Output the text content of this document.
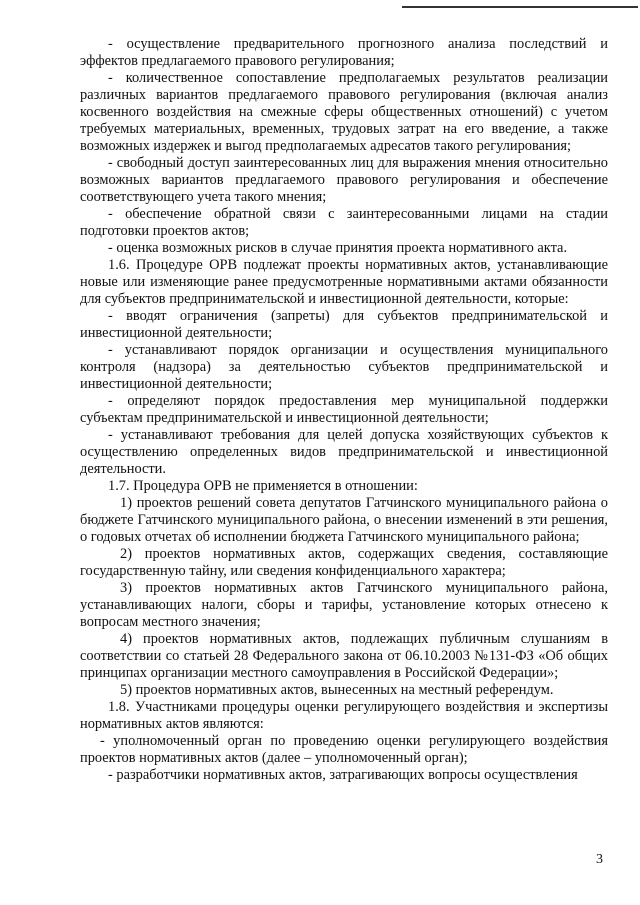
- осуществление предварительного прогнозного анализа последствий и эффектов предлагаемого правового регулирования;

- количественное сопоставление предполагаемых результатов реализации различных вариантов предлагаемого правового регулирования (включая анализ косвенного воздействия на смежные сферы общественных отношений) с учетом требуемых материальных, временных, трудовых затрат на его введение, а также возможных издержек и выгод предполагаемых адресатов такого регулирования;

- свободный доступ заинтересованных лиц для выражения мнения относительно возможных вариантов предлагаемого правового регулирования и обеспечение соответствующего учета такого мнения;

- обеспечение обратной связи с заинтересованными лицами на стадии подготовки проектов актов;

- оценка возможных рисков в случае принятия проекта нормативного акта.

1.6. Процедуре ОРВ подлежат проекты нормативных актов, устанавливающие новые или изменяющие ранее предусмотренные нормативными актами обязанности для субъектов предпринимательской и инвестиционной деятельности, которые:

- вводят ограничения (запреты) для субъектов предпринимательской и инвестиционной деятельности;

- устанавливают порядок организации и осуществления муниципального контроля (надзора) за деятельностью субъектов предпринимательской и инвестиционной деятельности;

- определяют порядок предоставления мер муниципальной поддержки субъектам предпринимательской и инвестиционной деятельности;

- устанавливают требования для целей допуска хозяйствующих субъектов к осуществлению определенных видов предпринимательской и инвестиционной деятельности.

1.7. Процедура ОРВ не применяется в отношении:

1) проектов решений совета депутатов Гатчинского муниципального района о бюджете Гатчинского муниципального района, о внесении изменений в эти решения, о годовых отчетах об исполнении бюджета Гатчинского муниципального района;

2) проектов нормативных актов, содержащих сведения, составляющие государственную тайну, или сведения конфиденциального характера;

3) проектов нормативных актов Гатчинского муниципального района, устанавливающих налоги, сборы и тарифы, установление которых отнесено к вопросам местного значения;

4) проектов нормативных актов, подлежащих публичным слушаниям в соответствии со статьей 28 Федерального закона от 06.10.2003 №131-ФЗ «Об общих принципах организации местного самоуправления в Российской Федерации»;

5) проектов нормативных актов, вынесенных на местный референдум.

1.8. Участниками процедуры оценки регулирующего воздействия и экспертизы нормативных актов являются:

- уполномоченный орган по проведению оценки регулирующего воздействия проектов нормативных актов (далее – уполномоченный орган);

- разработчики нормативных актов, затрагивающих вопросы осуществления

3
